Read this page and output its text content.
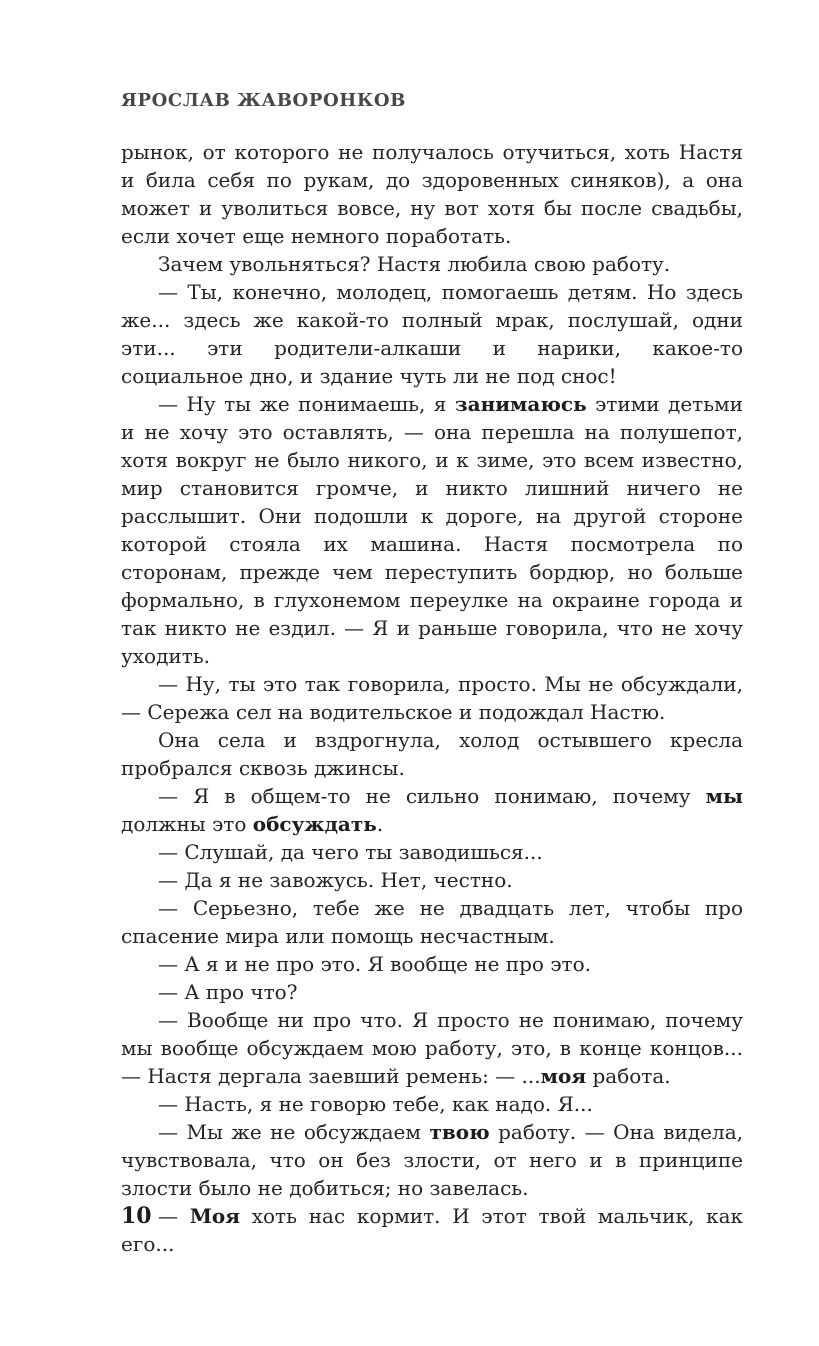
ЯРОСЛАВ ЖАВОРОНКОВ

рынок, от которого не получалось отучиться, хоть Настя и била себя по рукам, до здоровенных синяков), а она может и уволиться вовсе, ну вот хотя бы после свадьбы, если хочет еще немного поработать.

Зачем увольняться? Настя любила свою работу.

— Ты, конечно, молодец, помогаешь детям. Но здесь же... здесь же какой-то полный мрак, послушай, одни эти... эти родители-алкаши и нарики, какое-то социальное дно, и здание чуть ли не под снос!

— Ну ты же понимаешь, я занимаюсь этими детьми и не хочу это оставлять, — она перешла на полушепот, хотя вокруг не было никого, и к зиме, это всем известно, мир становится громче, и никто лишний ничего не расслышит. Они подошли к дороге, на другой стороне которой стояла их машина. Настя посмотрела по сторонам, прежде чем переступить бордюр, но больше формально, в глухонемом переулке на окраине города и так никто не ездил. — Я и раньше говорила, что не хочу уходить.

— Ну, ты это так говорила, просто. Мы не обсуждали, — Сережа сел на водительское и подождал Настю.

Она села и вздрогнула, холод остывшего кресла пробрался сквозь джинсы.

— Я в общем-то не сильно понимаю, почему мы должны это обсуждать.

— Слушай, да чего ты заводишься...

— Да я не завожусь. Нет, честно.

— Серьезно, тебе же не двадцать лет, чтобы про спасение мира или помощь несчастным.

— А я и не про это. Я вообще не про это.

— А про что?

— Вообще ни про что. Я просто не понимаю, почему мы вообще обсуждаем мою работу, это, в конце концов... — Настя дергала заевший ремень: — ...моя работа.

— Насть, я не говорю тебе, как надо. Я...

— Мы же не обсуждаем твою работу. — Она видела, чувствовала, что он без злости, от него и в принципе злости было не добиться; но завелась.

— Моя хоть нас кормит. И этот твой мальчик, как его...

10
